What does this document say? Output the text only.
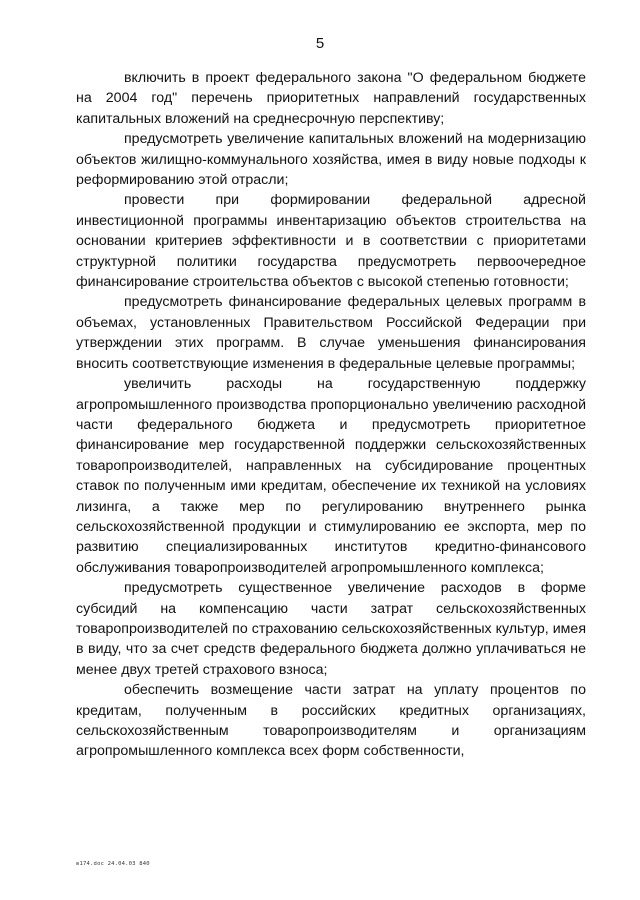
5

включить в проект федерального закона "О федеральном бюджете на 2004 год" перечень приоритетных направлений государственных капитальных вложений на среднесрочную перспективу;

предусмотреть увеличение капитальных вложений на модернизацию объектов жилищно-коммунального хозяйства, имея в виду новые подходы к реформированию этой отрасли;

провести при формировании федеральной адресной инвестиционной программы инвентаризацию объектов строительства на основании критериев эффективности и в соответствии с приоритетами структурной политики государства предусмотреть первоочередное финансирование строительства объектов с высокой степенью готовности;

предусмотреть финансирование федеральных целевых программ в объемах, установленных Правительством Российской Федерации при утверждении этих программ. В случае уменьшения финансирования вносить соответствующие изменения в федеральные целевые программы;

увеличить расходы на государственную поддержку агропромышленного производства пропорционально увеличению расходной части федерального бюджета и предусмотреть приоритетное финансирование мер государственной поддержки сельскохозяйственных товаропроизводителей, направленных на субсидирование процентных ставок по полученным ими кредитам, обеспечение их техникой на условиях лизинга, а также мер по регулированию внутреннего рынка сельскохозяйственной продукции и стимулированию ее экспорта, мер по развитию специализированных институтов кредитно-финансового обслуживания товаропроизводителей агропромышленного комплекса;

предусмотреть существенное увеличение расходов в форме субсидий на компенсацию части затрат сельскохозяйственных товаропроизводителей по страхованию сельскохозяйственных культур, имея в виду, что за счет средств федерального бюджета должно уплачиваться не менее двух третей страхового взноса;

обеспечить возмещение части затрат на уплату процентов по кредитам, полученным в российских кредитных организациях, сельскохозяйственным товаропроизводителям и организациям агропромышленного комплекса всех форм собственности,

в174.doc 24.04.03 840
